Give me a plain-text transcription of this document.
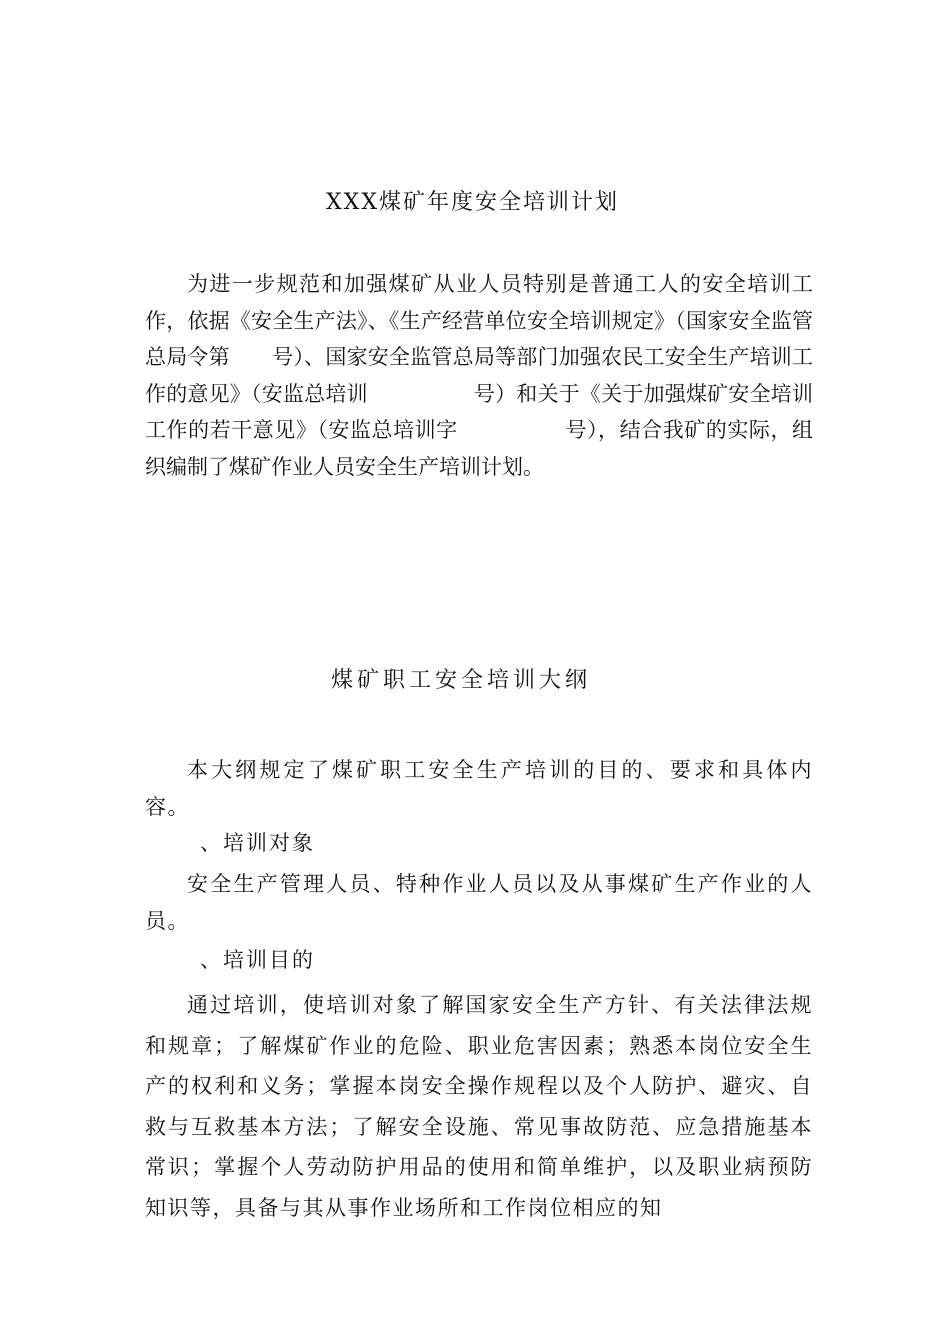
XXX煤矿年度安全培训计划

为进一步规范和加强煤矿从业人员特别是普通工人的安全培训工作，依据《安全生产法》、《生产经营单位安全培训规定》（国家安全监管总局令第　　号）、国家安全监管总局等部门加强农民工安全生产培训工作的意见》（安监总培训　　　　　号）和关于《关于加强煤矿安全培训工作的若干意见》（安监总培训字　　　　　号），结合我矿的实际，组织编制了煤矿作业人员安全生产培训计划。

煤矿职工安全培训大纲

本大纲规定了煤矿职工安全生产培训的目的、要求和具体内容。

、培训对象

安全生产管理人员、特种作业人员以及从事煤矿生产作业的人员。

、培训目的

通过培训，使培训对象了解国家安全生产方针、有关法律法规和规章；了解煤矿作业的危险、职业危害因素；熟悉本岗位安全生产的权利和义务；掌握本岗安全操作规程以及个人防护、避灾、自救与互救基本方法；了解安全设施、常见事故防范、应急措施基本常识；掌握个人劳动防护用品的使用和简单维护，以及职业病预防知识等，具备与其从事作业场所和工作岗位相应的知
